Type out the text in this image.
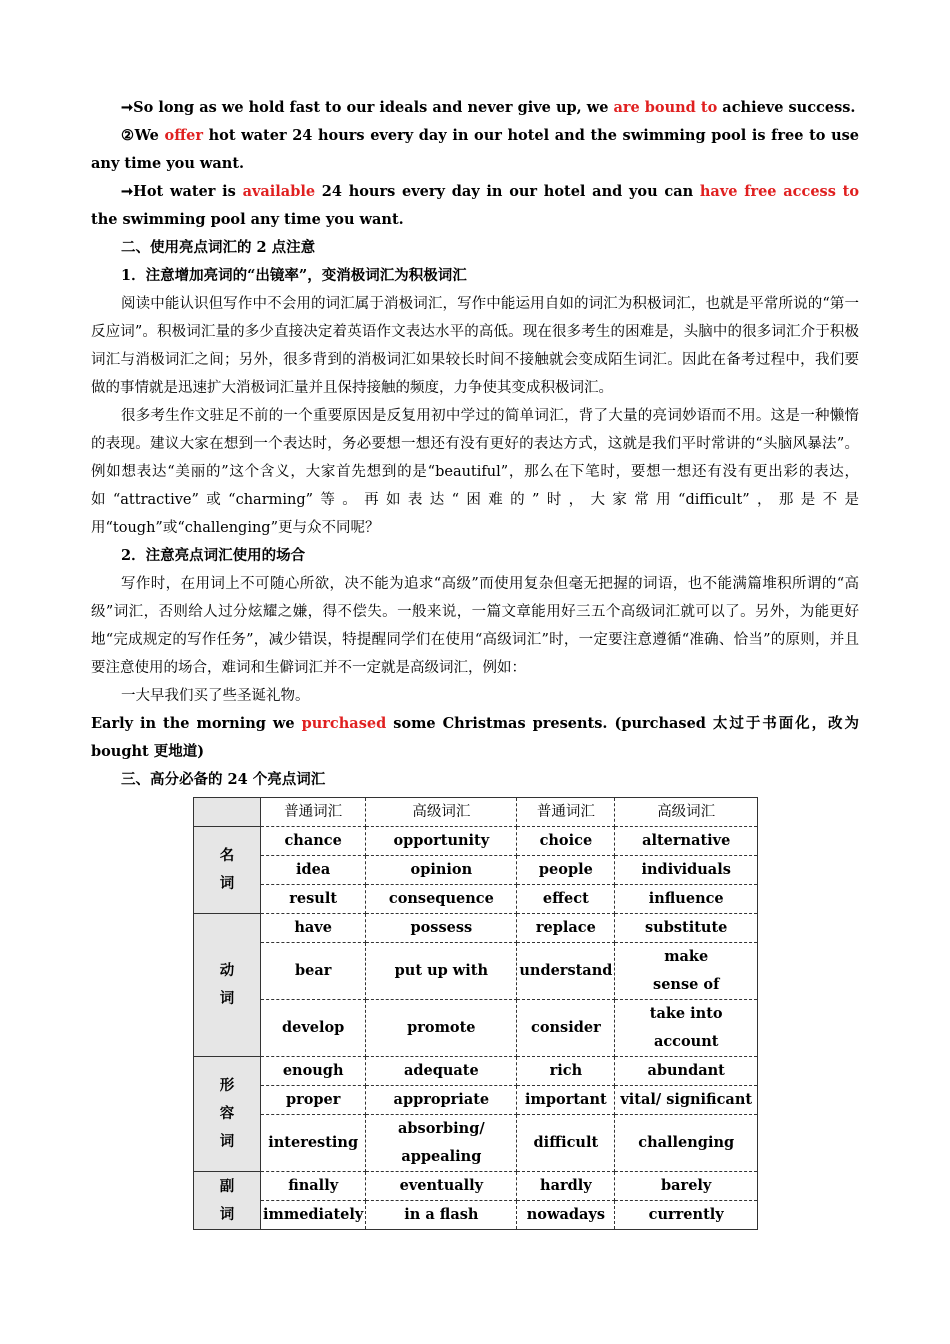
➞So long as we hold fast to our ideals and never give up, we are bound to achieve success.

②We offer hot water 24 hours every day in our hotel and the swimming pool is free to use any time you want.

➞Hot water is available 24 hours every day in our hotel and you can have free access to the swimming pool any time you want.

二、使用亮点词汇的 2 点注意

1．注意增加亮词的“出镜率”，变消极词汇为积极词汇

阅读中能认识但写作中不会用的词汇属于消极词汇，写作中能运用自如的词汇为积极词汇，也就是平常所说的“第一反应词”。积极词汇量的多少直接决定着英语作文表达水平的高低。现在很多考生的困难是，头脑中的很多词汇介于积极词汇与消极词汇之间；另外，很多背到的消极词汇如果较长时间不接触就会变成陌生词汇。因此在备考过程中，我们要做的事情就是迅速扩大消极词汇量并且保持接触的频度，力争使其变成积极词汇。

很多考生作文驻足不前的一个重要原因是反复用初中学过的简单词汇，背了大量的亮词妙语而不用。这是一种懒惰的表现。建议大家在想到一个表达时，务必要想一想还有没有更好的表达方式，这就是我们平时常讲的“头脑风暴法”。例如想表达“美丽的”这个含义，大家首先想到的是“beautiful”，那么在下笔时，要想一想还有没有更出彩的表达，如“attractive”或“charming”等。再如表达“困难的”时，大家常用“difficult”，那是不是用“tough”或“challenging”更与众不同呢？

2．注意亮点词汇使用的场合

写作时，在用词上不可随心所欲，决不能为追求“高级”而使用复杂但毫无把握的词语，也不能满篇堆积所谓的“高级”词汇，否则给人过分炫耀之嫌，得不偿失。一般来说，一篇文章能用好三五个高级词汇就可以了。另外，为能更好地“完成规定的写作任务”，减少错误，特提醒同学们在使用“高级词汇”时，一定要注意遵循“准确、恰当”的原则，并且要注意使用的场合，难词和生僻词汇并不一定就是高级词汇，例如：

一大早我们买了些圣诞礼物。

Early in the morning we purchased some Christmas presents. (purchased 太过于书面化，改为 bought 更地道)

三、高分必备的 24 个亮点词汇

	普通词汇	高级词汇	普通词汇	高级词汇
名
词	chance	opportunity	choice	alternative
	idea	opinion	people	individuals
	result	consequence	effect	influence
动
词	have	possess	replace	substitute
	bear	put up with	understand	make sense of
	develop	promote	consider	take into account
形
容
词	enough	adequate	rich	abundant
	proper	appropriate	important	vital/ significant
	interesting	absorbing/ appealing	difficult	challenging
副
词	finally	eventually	hardly	barely
	immediately	in a flash	nowadays	currently
